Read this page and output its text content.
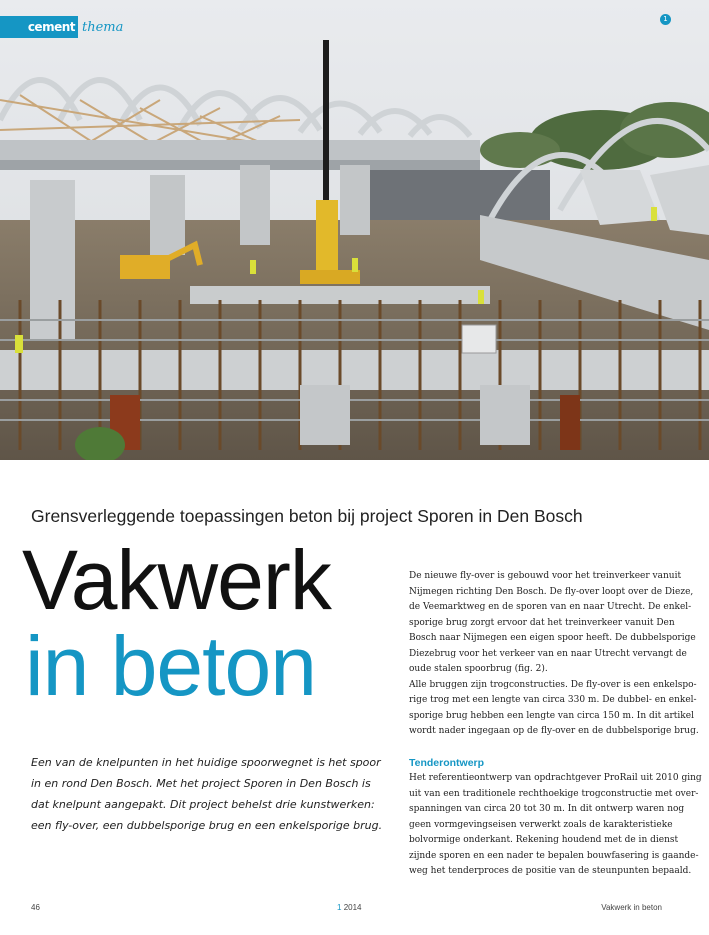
cement thema
1
Grensverleggende toepassingen beton bij project Sporen in Den Bosch
Vakwerk
in beton

Een van de knelpunten in het huidige spoorwegnet is het spoor

in en rond Den Bosch. Met het project Sporen in Den Bosch is

dat knelpunt aangepakt. Dit project behelst drie kunstwerken:

een fly-over, een dubbelsporige brug en een enkelsporige brug.

De nieuwe fly-over is gebouwd voor het treinverkeer vanuit

Nijmegen richting Den Bosch. De fly-over loopt over de Dieze,

de Veemarktweg en de sporen van en naar Utrecht. De enkel-

sporige brug zorgt ervoor dat het treinverkeer vanuit Den

Bosch naar Nijmegen een eigen spoor heeft. De dubbelsporige

Diezebrug voor het verkeer van en naar Utrecht vervangt de

oude stalen spoorbrug (fig. 2).

Alle bruggen zijn trogconstructies. De fly-over is een enkelspo-

rige trog met een lengte van circa 330 m. De dubbel- en enkel-

sporige brug hebben een lengte van circa 150 m. In dit artikel

wordt nader ingegaan op de fly-over en de dubbelsporige brug.

Tenderontwerp

Het referentieontwerp van opdrachtgever ProRail uit 2010 ging

uit van een traditionele rechthoekige trogconstructie met over-

spanningen van circa 20 tot 30 m. In dit ontwerp waren nog

geen vormgevingseisen verwerkt zoals de karakteristieke

bolvormige onderkant. Rekening houdend met de in dienst

zijnde sporen en een nader te bepalen bouwfasering is gaande-

weg het tenderproces de positie van de steunpunten bepaald.

46	1 2014	Vakwerk in beton
